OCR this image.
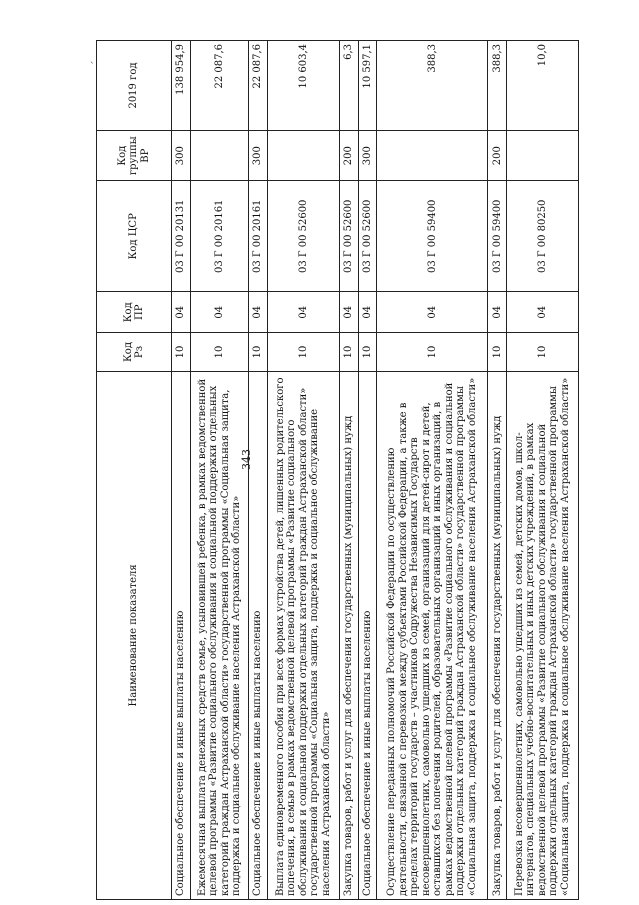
343
`
Наименование показателя	Код Рз	Код ПР	Код ЦСР	Код группы ВР	2019 год
Социальное обеспечение и иные выплаты населению	10	04	03 Г 00 20131	300	138 954,9
Ежемесячная выплата денежных средств семье, усыновившей ребенка, в рамках ведомственной целевой программы «Развитие социального обслуживания и социальной поддержки отдельных категорий граждан Астраханской области» государственной программы «Социальная защита, поддержка и социальное обслуживание населения Астраханской области»	10	04	03 Г 00 20161		22 087,6
Социальное обеспечение и иные выплаты населению	10	04	03 Г 00 20161	300	22 087,6
Выплата единовременного пособия при всех формах устройства детей, лишенных родительского попечения, в семью в рамках ведомственной целевой программы «Развитие социального обслуживания и социальной поддержки отдельных категорий граждан Астраханской области» государственной программы «Социальная защита, поддержка и социальное обслуживание населения Астраханской области»	10	04	03 Г 00 52600		10 603,4
Закупка товаров, работ и услуг для обеспечения государственных (муниципальных) нужд	10	04	03 Г 00 52600	200	6,3
Социальное обеспечение и иные выплаты населению	10	04	03 Г 00 52600	300	10 597,1
Осуществление переданных полномочий Российской Федерации по осуществлению деятельности, связанной с перевозкой между субъектами Российской Федерации, а также в пределах территорий государств – участников Содружества Независимых Государств несовершеннолетних, самовольно ушедших из семей, организаций для детей-сирот и детей, оставшихся без попечения родителей, образовательных организаций и иных организаций, в рамках ведомственной целевой программы «Развитие социального обслуживания и социальной поддержки отдельных категорий граждан Астраханской области» государственной программы «Социальная защита, поддержка и социальное обслуживание населения Астраханской области»	10	04	03 Г 00 59400		388,3
Закупка товаров, работ и услуг для обеспечения государственных (муниципальных) нужд	10	04	03 Г 00 59400	200	388,3
Перевозка несовершеннолетних, самовольно ушедших из семей, детских домов, школ-интернатов, специальных учебно-воспитательных и иных детских учреждений, в рамках ведомственной целевой программы «Развитие социального обслуживания и социальной поддержки отдельных категорий граждан Астраханской области» государственной программы «Социальная защита, поддержка и социальное обслуживание населения Астраханской области»	10	04	03 Г 00 80250		10,0
